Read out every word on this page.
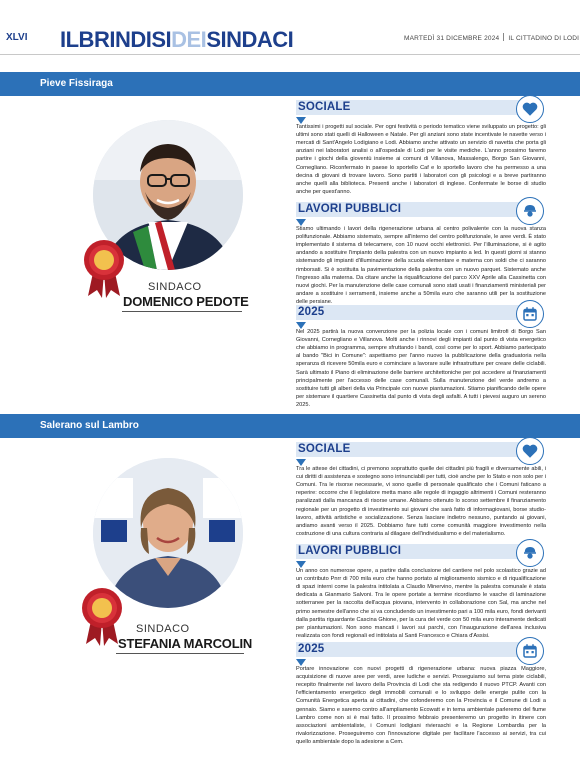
XLVI ILBRINDISIDEISINDACI	MARTEDÌ 31 DICEMBRE 2024 IL CITTADINO DI LODI
Pieve Fissiraga
SINDACO
DOMENICO PEDOTE
SOCIALE

Tantissimi i progetti sul sociale. Per ogni festività o periodo tematico viene sviluppato un progetto: gli ultimi sono stati quelli di Halloween e Natale. Per gli anziani sono state incentivate le navette verso i mercati di Sant'Angelo Lodigiano e Lodi. Abbiamo anche attivato un servizio di navetta che porta gli anziani nei laboratori analisi o all'ospedale di Lodi per le visite mediche. L'anno prossimo faremo partire i giochi della gioventù insieme ai comuni di Villanova, Massalengo, Borgo San Giovanni, Cornegliano. Riconfermato in paese lo sportello Caf e lo sportello lavoro che ha permesso a una decina di giovani di trovare lavoro. Sono partiti i laboratori con gli psicologi e a breve partiranno anche quelli alla biblioteca. Presenti anche i laboratori di inglese. Confermate le borse di studio anche per quest'anno.

LAVORI PUBBLICI

Stiamo ultimando i lavori della rigenerazione urbana al centro polivalente con la nuova stanza polifunzionale. Abbiamo sistemato, sempre all'interno del centro polifunzionale, le aree verdi. È stato implementato il sistema di telecamere, con 10 nuovi occhi elettronici. Per l'illuminazione, si è agito andando a sostituire l'impianto della palestra con un nuovo impianto a led. In questi giorni si stanno sistemando gli impianti d'illuminazione della scuola elementare e materna con soldi che ci saranno rimborsati. Si è sostituita la pavimentazione della palestra con un nuovo parquet. Sistemato anche l'ingresso alla materna. Da citare anche la riqualificazione del parco XXV Aprile alla Cassinetta con nuovi giochi. Per la manutenzione delle case comunali sono stati usati i finanziamenti ministeriali per andare a sostituire i serramenti, insieme anche a 50mila euro che saranno utili per la sostituzione delle persiane.

2025

Nel 2025 partirà la nuova convenzione per la polizia locale con i comuni limitrofi di Borgo San Giovanni, Cornegliano e Villanova. Molti anche i rinnovi degli impianti dal punto di vista energetico che abbiamo in programma, sempre sfruttando i bandi, così come per lo sport. Abbiamo partecipato al bando "Bici in Comune": aspettiamo per l'anno nuovo la pubblicazione della graduatoria nella speranza di ricevere 50mila euro e cominciare a lavorare sulle infrastrutture per creare delle ciclabili. Sarà ultimato il Piano di eliminazione delle barriere architettoniche per poi accedere ai finanziamenti principalmente per l'accesso delle case comunali. Sulla manutenzione del verde andremo a sostituire tutti gli alberi della via Principale con nuove piantumazioni. Stiamo pianificando delle opere per sistemare il quartiere Cassinetta dal punto di vista degli asfalti. A tutti i pievesi auguro un sereno 2025.

Salerano sul Lambro
SINDACO
STEFANIA MARCOLIN
SOCIALE

Tra le attese dei cittadini, ci premono soprattutto quelle dei cittadini più fragili e diversamente abili, i cui diritti di assistenza e sostegno sono irrinunciabili per tutti, cioè anche per lo Stato e non solo per i Comuni. Tra le risorse necessarie, vi sono quelle di personale qualificato che i Comuni faticano a reperire: occorre che il legislatore metta mano alle regole di ingaggio altrimenti i Comuni resteranno paralizzati dalla mancanza di risorse umane. Abbiamo ottenuto lo scorso settembre il finanziamento regionale per un progetto di investimento sui giovani che sarà fatto di informagiovani, borse studio-lavoro, attività artistiche e socializzazione. Senza lasciare indietro nessuno, puntando ai giovani, andiamo avanti verso il 2025. Dobbiamo fare tutti come comunità maggiore investimento nella costruzione di una cultura contraria al dilagare dell'individualismo e del materialismo.

LAVORI PUBBLICI

Un anno con numerose opere, a partire dalla conclusione del cantiere nel polo scolastico grazie ad un contributo Pnrr di 700 mila euro che hanno portato al miglioramento sismico e di riqualificazione di spazi interni come la palestra intitolata a Claudio Minervino, mentre la palestra comunale è stata dedicata a Gianmario Salvoni. Tra le opere portate a termine ricordiamo le vasche di laminazione sotterranee per la raccolta dell'acqua piovana, intervento in collaborazione con Sal, ma anche nel primo semestre dell'anno che si va concludendo un investimento pari a 100 mila euro, fondi derivanti dalla partita riguardante Cascina Ghione, per la cura del verde con 50 mila euro interamente dedicati per piantumazioni. Non sono mancati i lavori sui parchi, con l'inaugurazione dell'area inclusiva realizzata con fondi regionali ed intitolata al Santi Francesco e Chiara d'Assisi.

2025

Portare innovazione con nuovi progetti di rigenerazione urbana: nuova piazza Maggiore, acquisizione di nuove aree per verdi, aree ludiche e servizi. Proseguiamo sul tema piste ciclabili, recepito finalmente nel lavoro della Provincia di Lodi che sta redigendo il nuovo PTCP. Avanti con l'efficientamento energetico degli immobili comunali e lo sviluppo delle energie pulite con la Comunità Energetica aperta ai cittadini, che cofonderemo con la Provincia e il Comune di Lodi a gennaio. Siamo e saremo contro all'ampliamento Ecowatt e in tema ambientale parleremo del fiume Lambro come non si è mai fatto. Il prossimo febbraio presenteremo un progetto in itinere con associazioni ambientaliste, i Comuni lodigiani rivieraschi e la Regione Lombardia per la rivalorizzazione. Proseguiremo con l'innovazione digitale per facilitare l'accesso ai servizi, tra cui quello ambientale dopo la adesione a Cem.
